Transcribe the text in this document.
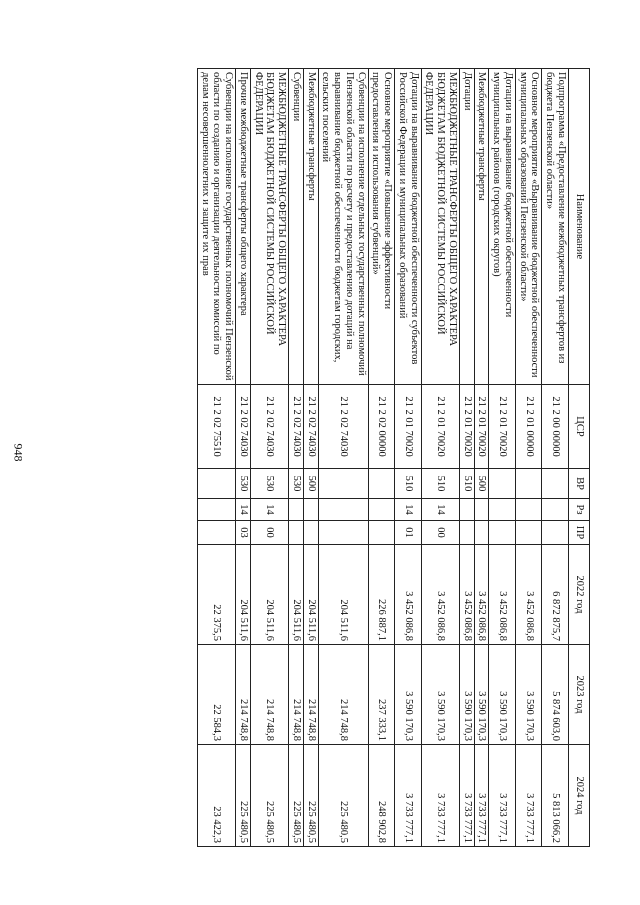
948
Наименование	ЦСР	ВР	Рз	ПР	2022 год	2023 год	2024 год
Подпрограмма «Предоставление межбюджетных трансфертов из бюджета Пензенской области»	21 2 00 00000				6 872 875,7	5 874 603,0	5 813 066,2
Основное мероприятие «Выравнивание бюджетной обеспеченности муниципальных образований Пензенской области»	21 2 01 00000				3 452 086,8	3 590 170,3	3 733 777,1
Дотации на выравнивание бюджетной обеспеченности муниципальных районов (городских округов)	21 2 01 70020				3 452 086,8	3 590 170,3	3 733 777,1
Межбюджетные трансферты	21 2 01 70020	500			3 452 086,8	3 590 170,3	3 733 777,1
Дотации	21 2 01 70020	510			3 452 086,8	3 590 170,3	3 733 777,1
МЕЖБЮДЖЕТНЫЕ ТРАНСФЕРТЫ ОБЩЕГО ХАРАКТЕРА БЮДЖЕТАМ БЮДЖЕТНОЙ СИСТЕМЫ РОССИЙСКОЙ ФЕДЕРАЦИИ	21 2 01 70020	510	14	00	3 452 086,8	3 590 170,3	3 733 777,1
Дотации на выравнивание бюджетной обеспеченности субъектов Российской Федерации и муниципальных образований	21 2 01 70020	510	14	01	3 452 086,8	3 590 170,3	3 733 777,1
Основное мероприятие «Повышение эффективности предоставления и использования субвенций»	21 2 02 00000				226 887,1	237 333,1	248 902,8
Субвенции на исполнение отдельных государственных полномочий Пензенской области по расчету и предоставлению дотаций на выравнивание бюджетной обеспеченности бюджетам городских, сельских поселений	21 2 02 74030				204 511,6	214 748,8	225 480,5
Межбюджетные трансферты	21 2 02 74030	500			204 511,6	214 748,8	225 480,5
Субвенции	21 2 02 74030	530			204 511,6	214 748,8	225 480,5
МЕЖБЮДЖЕТНЫЕ ТРАНСФЕРТЫ ОБЩЕГО ХАРАКТЕРА БЮДЖЕТАМ БЮДЖЕТНОЙ СИСТЕМЫ РОССИЙСКОЙ ФЕДЕРАЦИИ	21 2 02 74030	530	14	00	204 511,6	214 748,8	225 480,5
Прочие межбюджетные трансферты общего характера	21 2 02 74030	530	14	03	204 511,6	214 748,8	225 480,5
Субвенции на исполнение государственных полномочий Пензенской области по созданию и организации деятельности комиссий по делам несовершеннолетних и защите их прав	21 2 02 75510				22 375,5	22 584,3	23 422,3
